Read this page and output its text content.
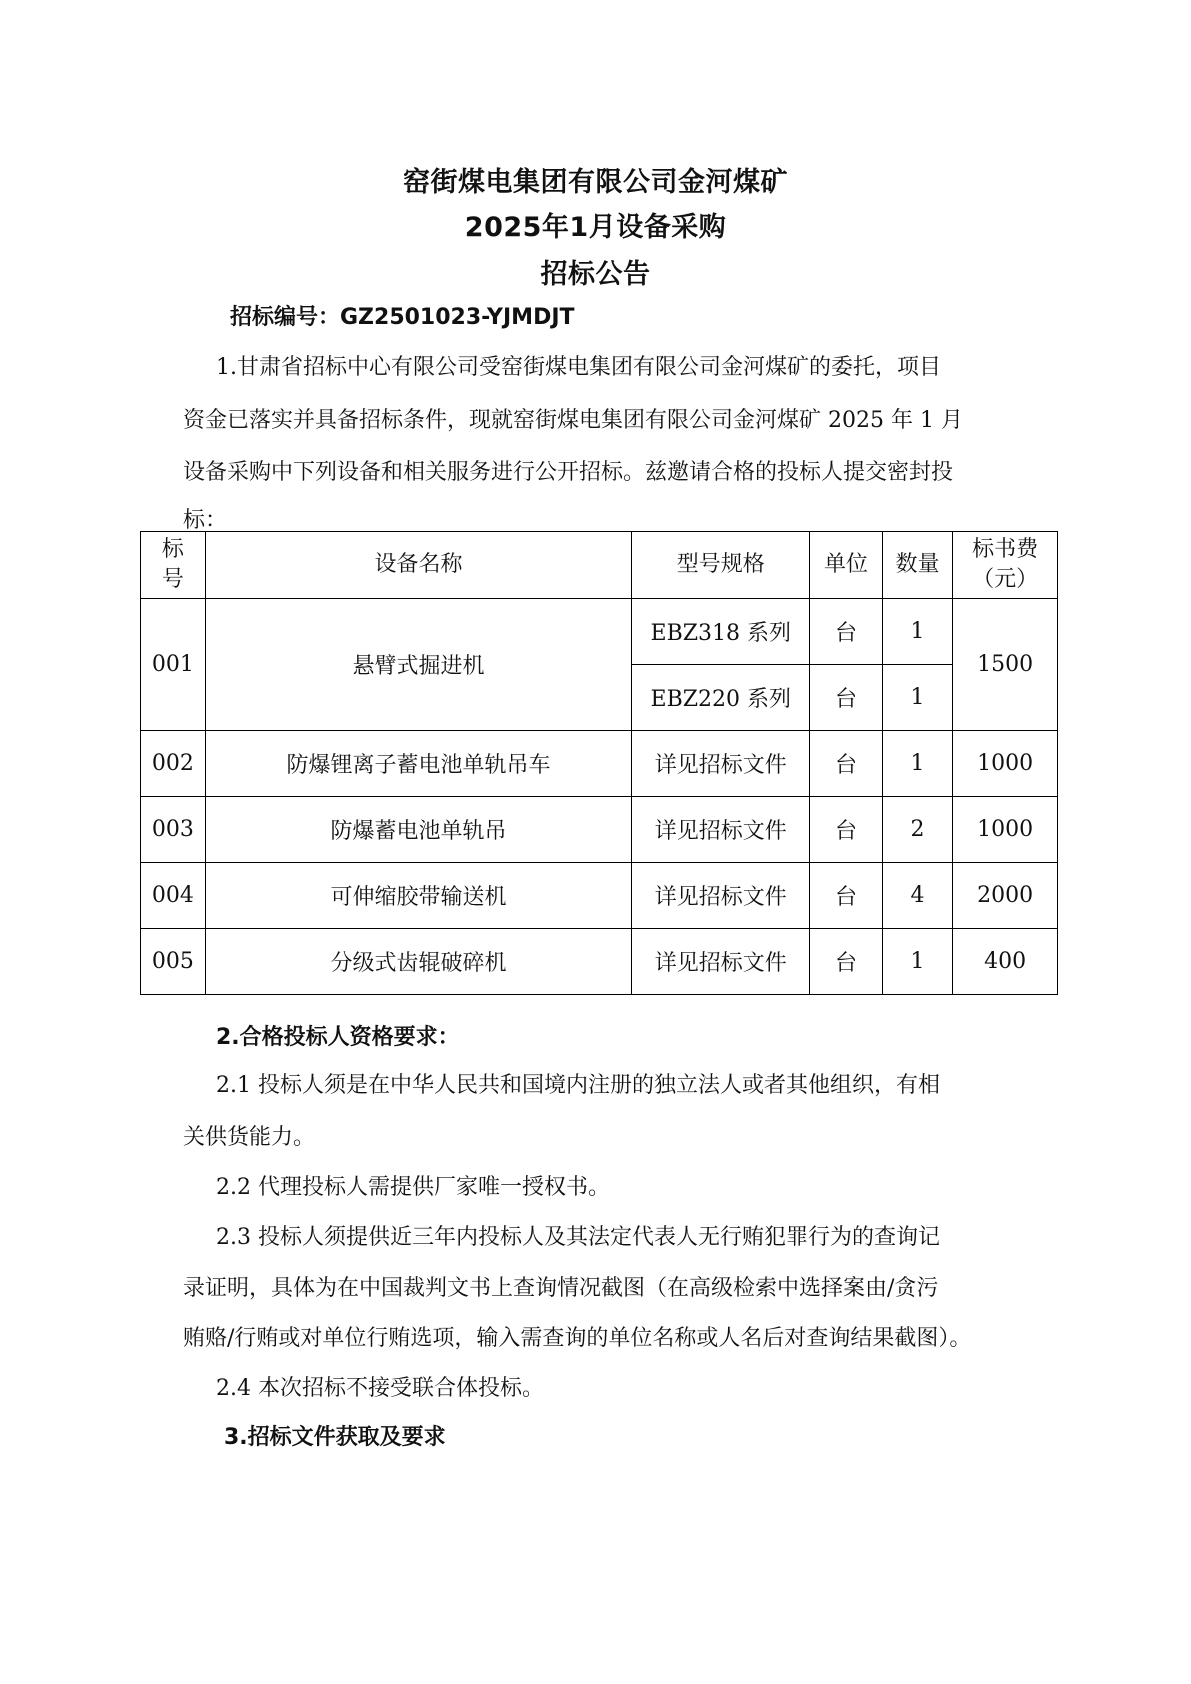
窑街煤电集团有限公司金河煤矿
2025年1月设备采购
招标公告
招标编号：GZ2501023-YJMDJT
1.甘肃省招标中心有限公司受窑街煤电集团有限公司金河煤矿的委托，项目
资金已落实并具备招标条件，现就窑街煤电集团有限公司金河煤矿 2025 年 1 月
设备采购中下列设备和相关服务进行公开招标。兹邀请合格的投标人提交密封投
标：
标号	设备名称	型号规格	单位	数量	标书费（元）
001	悬臂式掘进机	EBZ318 系列	台	1	1500
		EBZ220 系列	台	1	
002	防爆锂离子蓄电池单轨吊车	详见招标文件	台	1	1000
003	防爆蓄电池单轨吊	详见招标文件	台	2	1000
004	可伸缩胶带输送机	详见招标文件	台	4	2000
005	分级式齿辊破碎机	详见招标文件	台	1	400
2.合格投标人资格要求：
2.1 投标人须是在中华人民共和国境内注册的独立法人或者其他组织，有相
关供货能力。
2.2 代理投标人需提供厂家唯一授权书。
2.3 投标人须提供近三年内投标人及其法定代表人无行贿犯罪行为的查询记
录证明，具体为在中国裁判文书上查询情况截图（在高级检索中选择案由/贪污
贿赂/行贿或对单位行贿选项，输入需查询的单位名称或人名后对查询结果截图）。
2.4 本次招标不接受联合体投标。
3.招标文件获取及要求
